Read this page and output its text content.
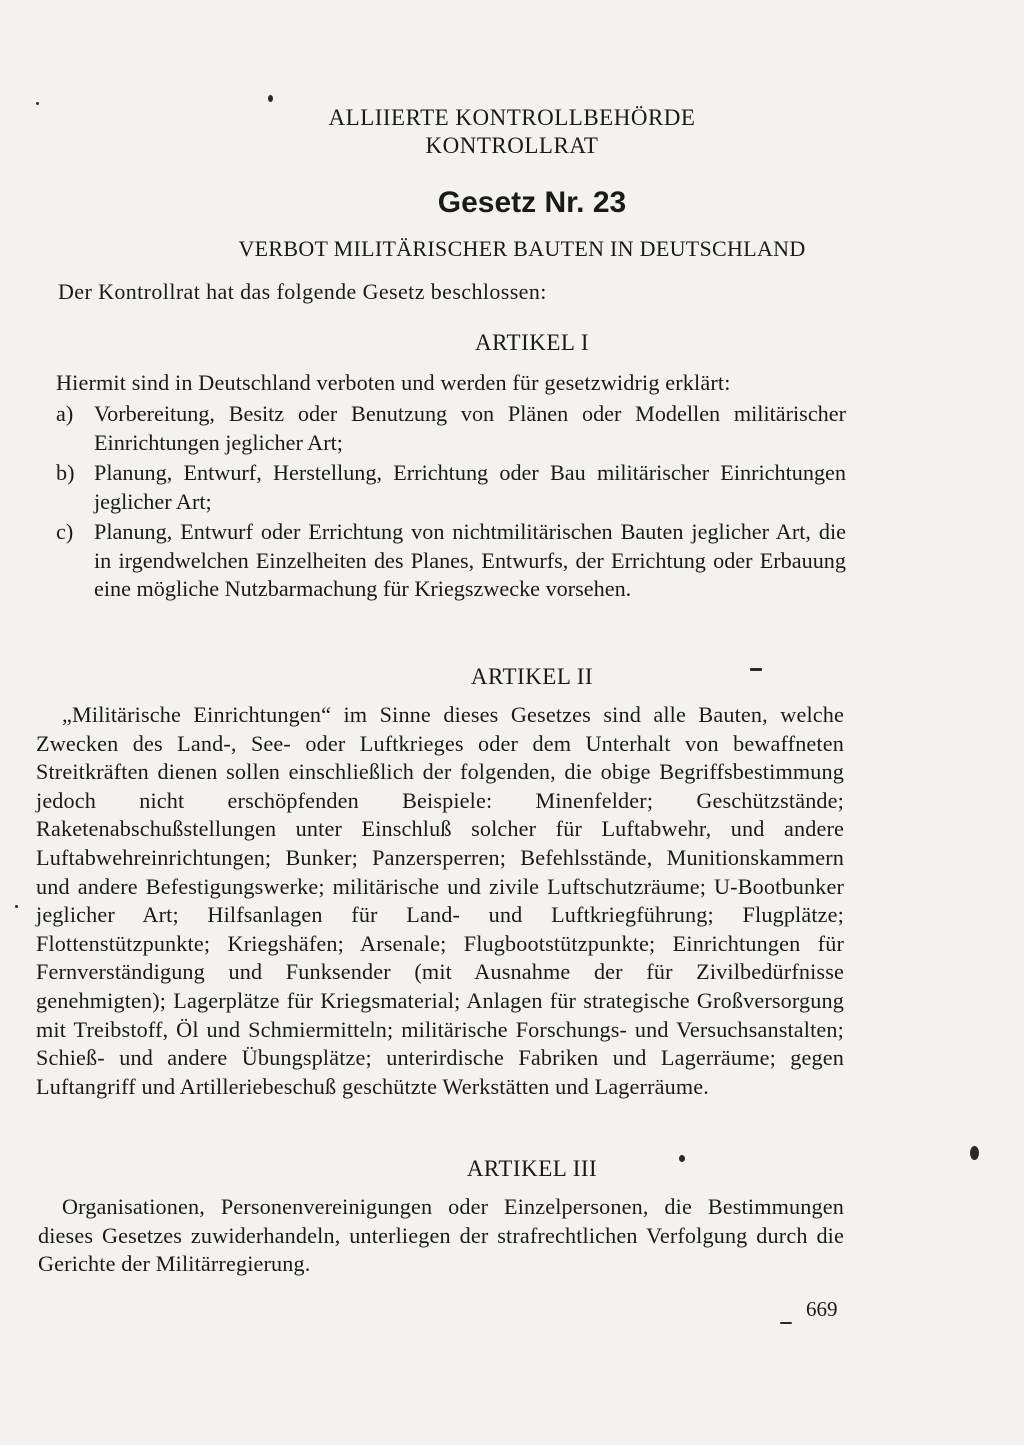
ALLIIERTE KONTROLLBEHÖRDE
KONTROLLRAT
Gesetz Nr. 23
VERBOT MILITÄRISCHER BAUTEN IN DEUTSCHLAND
Der Kontrollrat hat das folgende Gesetz beschlossen:
ARTIKEL I
Hiermit sind in Deutschland verboten und werden für gesetzwidrig erklärt:
a) Vorbereitung, Besitz oder Benutzung von Plänen oder Modellen militärischer Einrichtungen jeglicher Art;
b) Planung, Entwurf, Herstellung, Errichtung oder Bau militärischer Einrichtungen jeglicher Art;
c) Planung, Entwurf oder Errichtung von nichtmilitärischen Bauten jeglicher Art, die in irgendwelchen Einzelheiten des Planes, Entwurfs, der Errichtung oder Erbauung eine mögliche Nutzbarmachung für Kriegszwecke vorsehen.
ARTIKEL II
„Militärische Einrichtungen“ im Sinne dieses Gesetzes sind alle Bauten, welche Zwecken des Land-, See- oder Luftkrieges oder dem Unterhalt von bewaffneten Streitkräften dienen sollen einschließlich der folgenden, die obige Begriffsbestimmung jedoch nicht erschöpfenden Beispiele: Minenfelder; Geschützstände; Raketenabschußstellungen unter Einschluß solcher für Luftabwehr, und andere Luftabwehreinrichtungen; Bunker; Panzersperren; Befehlsstände, Munitionskammern und andere Befestigungswerke; militärische und zivile Luftschutzräume; U-Bootbunker jeglicher Art; Hilfsanlagen für Land- und Luftkriegführung; Flugplätze; Flottenstützpunkte; Kriegshäfen; Arsenale; Flugbootstützpunkte; Einrichtungen für Fernverständigung und Funksender (mit Ausnahme der für Zivilbedürfnisse genehmigten); Lagerplätze für Kriegsmaterial; Anlagen für strategische Großversorgung mit Treibstoff, Öl und Schmiermitteln; militärische Forschungs- und Versuchsanstalten; Schieß- und andere Übungsplätze; unterirdische Fabriken und Lagerräume; gegen Luftangriff und Artilleriebeschuß geschützte Werkstätten und Lagerräume.
ARTIKEL III
Organisationen, Personenvereinigungen oder Einzelpersonen, die Bestimmungen dieses Gesetzes zuwiderhandeln, unterliegen der strafrechtlichen Verfolgung durch die Gerichte der Militärregierung.
669
